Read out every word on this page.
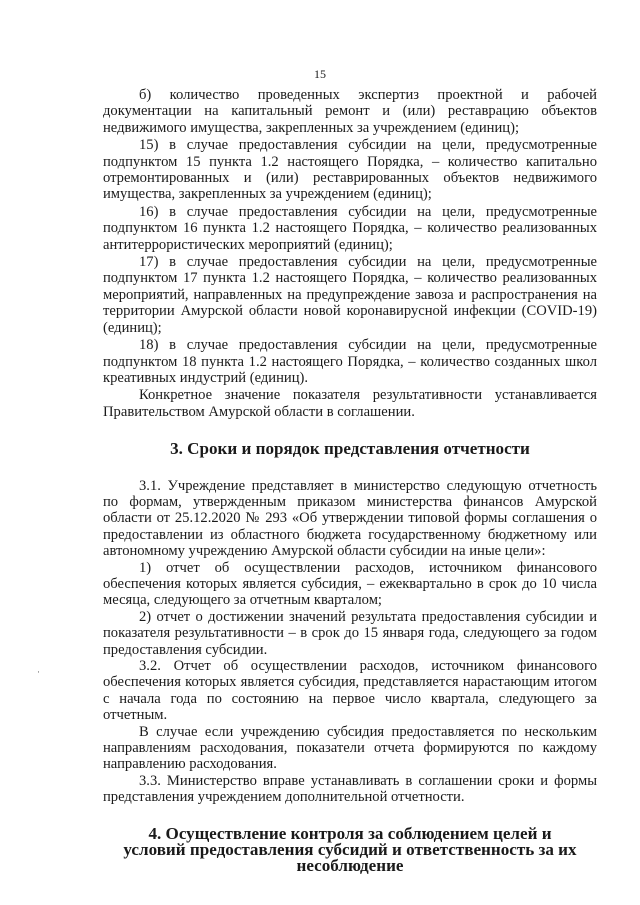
15
·

б) количество проведенных экспертиз проектной и рабочей документации на капитальный ремонт и (или) реставрацию объектов недвижимого имущества, закрепленных за учреждением (единиц);

15) в случае предоставления субсидии на цели, предусмотренные подпунктом 15 пункта 1.2 настоящего Порядка, – количество капитально отремонтированных и (или) реставрированных объектов недвижимого имущества, закрепленных за учреждением (единиц);

16) в случае предоставления субсидии на цели, предусмотренные подпунктом 16 пункта 1.2 настоящего Порядка, – количество реализованных антитеррористических мероприятий (единиц);

17) в случае предоставления субсидии на цели, предусмотренные подпунктом 17 пункта 1.2 настоящего Порядка, – количество реализованных мероприятий, направленных на предупреждение завоза и распространения на территории Амурской области новой коронавирусной инфекции (COVID-19) (единиц);

18) в случае предоставления субсидии на цели, предусмотренные подпунктом 18 пункта 1.2 настоящего Порядка, – количество созданных школ креативных индустрий (единиц).

Конкретное значение показателя результативности устанавливается Правительством Амурской области в соглашении.

3. Сроки и порядок представления отчетности

3.1. Учреждение представляет в министерство следующую отчетность по формам, утвержденным приказом министерства финансов Амурской области от 25.12.2020 № 293 «Об утверждении типовой формы соглашения о предоставлении из областного бюджета государственному бюджетному или автономному учреждению Амурской области субсидии на иные цели»:

1) отчет об осуществлении расходов, источником финансового обеспечения которых является субсидия, – ежеквартально в срок до 10 числа месяца, следующего за отчетным кварталом;

2) отчет о достижении значений результата предоставления субсидии и показателя результативности – в срок до 15 января года, следующего за годом предоставления субсидии.

3.2. Отчет об осуществлении расходов, источником финансового обеспечения которых является субсидия, представляется нарастающим итогом с начала года по состоянию на первое число квартала, следующего за отчетным.

В случае если учреждению субсидия предоставляется по нескольким направлениям расходования, показатели отчета формируются по каждому направлению расходования.

3.3. Министерство вправе устанавливать в соглашении сроки и формы представления учреждением дополнительной отчетности.

4. Осуществление контроля за соблюдением целей и условий предоставления субсидий и ответственность за их несоблюдение
